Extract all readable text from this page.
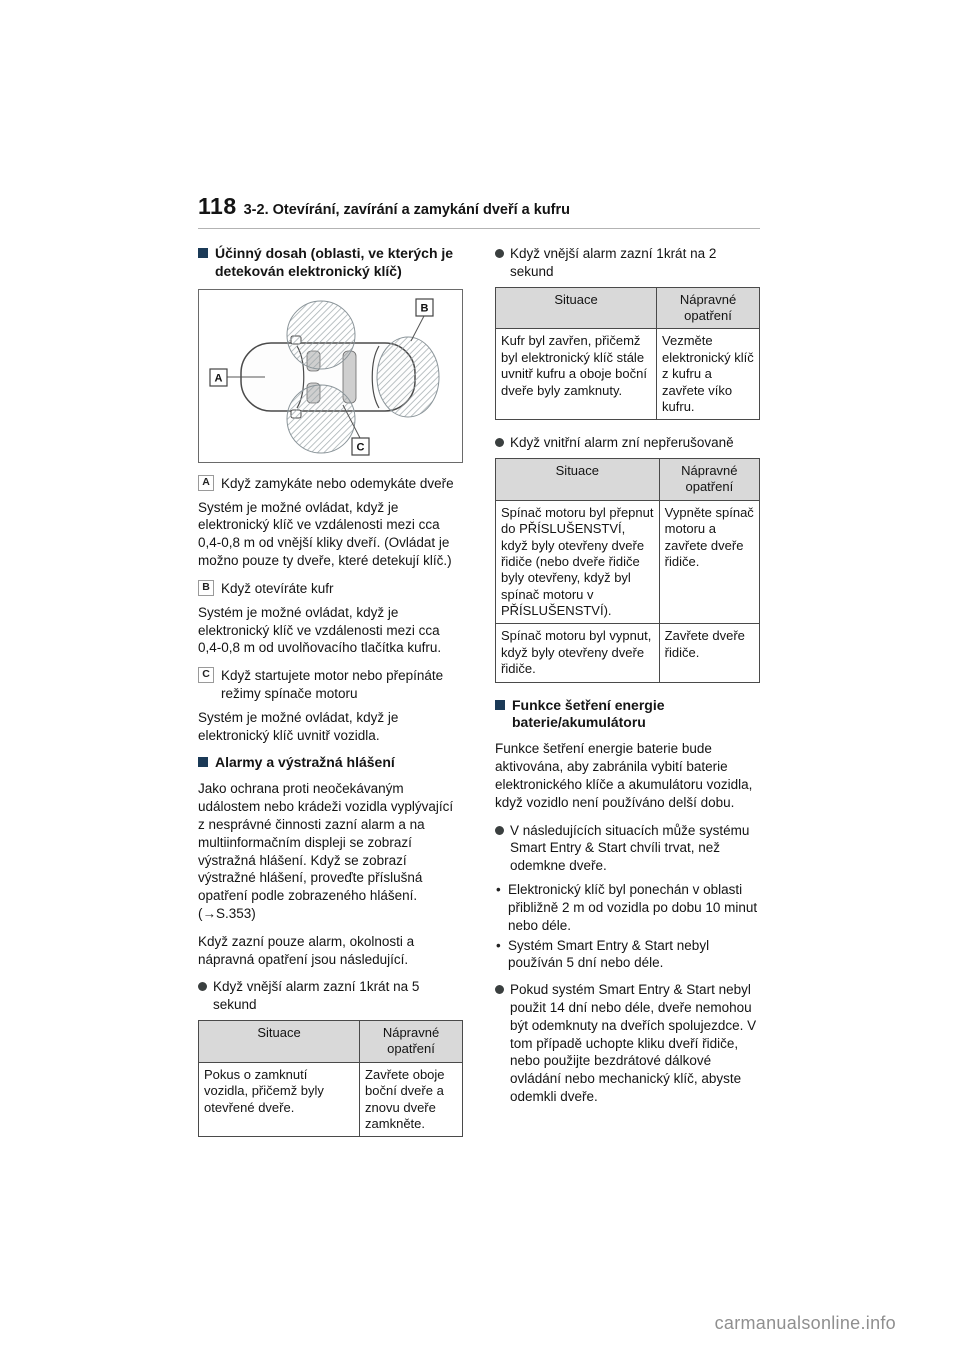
118 3-2. Otevírání, zavírání a zamykání dveří a kufru
Účinný dosah (oblasti, ve kterých je detekován elektronický klíč)
A
B
C
A Když zamykáte nebo odemykáte dveře

Systém je možné ovládat, když je elektronický klíč ve vzdálenosti mezi cca 0,4-0,8 m od vnější kliky dveří. (Ovládat je možno pouze ty dveře, které detekují klíč.)

B Když otevíráte kufr

Systém je možné ovládat, když je elektronický klíč ve vzdálenosti mezi cca 0,4-0,8 m od uvolňovacího tlačítka kufru.

C Když startujete motor nebo přepínáte režimy spínače motoru

Systém je možné ovládat, když je elektronický klíč uvnitř vozidla.

Alarmy a výstražná hlášení

Jako ochrana proti neočekávaným událostem nebo krádeži vozidla vyplývající z nesprávné činnosti zazní alarm a na multiinformačním displeji se zobrazí výstražná hlášení. Když se zobrazí výstražné hlášení, proveďte příslušná opatření podle zobrazeného hlášení. (→S.353)

Když zazní pouze alarm, okolnosti a nápravná opatření jsou následující.

Když vnější alarm zazní 1krát na 5 sekund
Situace	Nápravné opatření
Pokus o zamknutí vozidla, přičemž byly otevřené dveře.	Zavřete oboje boční dveře a znovu dveře zamkněte.
Když vnější alarm zazní 1krát na 2 sekund
Situace	Nápravné opatření
Kufr byl zavřen, přičemž byl elektronický klíč stále uvnitř kufru a oboje boční dveře byly zamknuty.	Vezměte elektronický klíč z kufru a zavřete víko kufru.
Když vnitřní alarm zní nepřerušovaně
Situace	Nápravné opatření
Spínač motoru byl přepnut do PŘÍSLUŠENSTVÍ, když byly otevřeny dveře řidiče (nebo dveře řidiče byly otevřeny, když byl spínač motoru v PŘÍSLUŠENSTVÍ).	Vypněte spínač motoru a zavřete dveře řidiče.
Spínač motoru byl vypnut, když byly otevřeny dveře řidiče.	Zavřete dveře řidiče.
Funkce šetření energie baterie/akumulátoru

Funkce šetření energie baterie bude aktivována, aby zabránila vybití baterie elektronického klíče a akumulátoru vozidla, když vozidlo není používáno delší dobu.

V následujících situacích může systému Smart Entry & Start chvíli trvat, než odemkne dveře.
•
Elektronický klíč byl ponechán v oblasti přibližně 2 m od vozidla po dobu 10 minut nebo déle.
•
Systém Smart Entry & Start nebyl používán 5 dní nebo déle.
Pokud systém Smart Entry & Start nebyl použit 14 dní nebo déle, dveře nemohou být odemknuty na dveřích spolujezdce. V tom případě uchopte kliku dveří řidiče, nebo použijte bezdrátové dálkové ovládání nebo mechanický klíč, abyste odemkli dveře.
carmanualsonline.info
